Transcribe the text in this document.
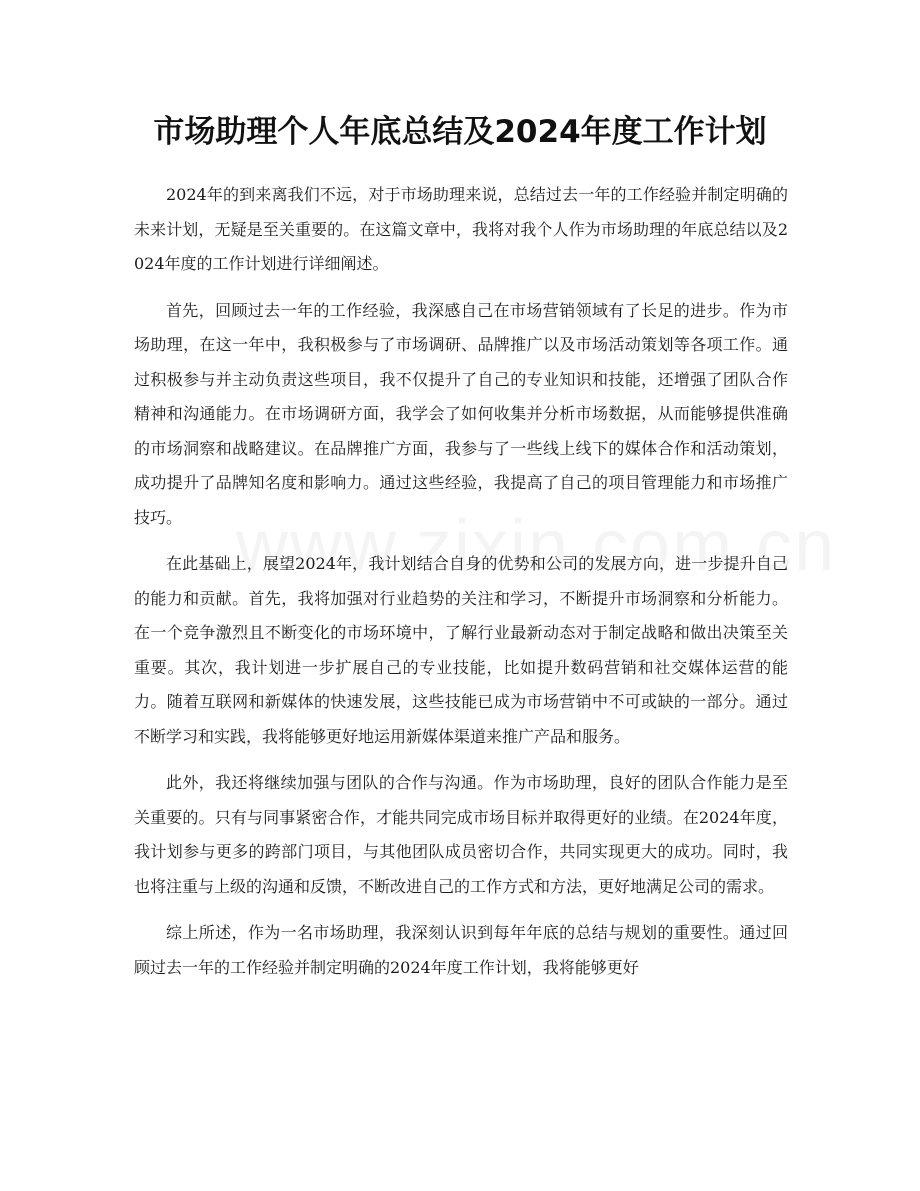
市场助理个人年底总结及2024年度工作计划

2024年的到来离我们不远，对于市场助理来说，总结过去一年的工作经验并制定明确的未来计划，无疑是至关重要的。在这篇文章中，我将对我个人作为市场助理的年底总结以及2024年度的工作计划进行详细阐述。

首先，回顾过去一年的工作经验，我深感自己在市场营销领域有了长足的进步。作为市场助理，在这一年中，我积极参与了市场调研、品牌推广以及市场活动策划等各项工作。通过积极参与并主动负责这些项目，我不仅提升了自己的专业知识和技能，还增强了团队合作精神和沟通能力。在市场调研方面，我学会了如何收集并分析市场数据，从而能够提供准确的市场洞察和战略建议。在品牌推广方面，我参与了一些线上线下的媒体合作和活动策划，成功提升了品牌知名度和影响力。通过这些经验，我提高了自己的项目管理能力和市场推广技巧。

在此基础上，展望2024年，我计划结合自身的优势和公司的发展方向，进一步提升自己的能力和贡献。首先，我将加强对行业趋势的关注和学习，不断提升市场洞察和分析能力。在一个竞争激烈且不断变化的市场环境中，了解行业最新动态对于制定战略和做出决策至关重要。其次，我计划进一步扩展自己的专业技能，比如提升数码营销和社交媒体运营的能力。随着互联网和新媒体的快速发展，这些技能已成为市场营销中不可或缺的一部分。通过不断学习和实践，我将能够更好地运用新媒体渠道来推广产品和服务。

此外，我还将继续加强与团队的合作与沟通。作为市场助理，良好的团队合作能力是至关重要的。只有与同事紧密合作，才能共同完成市场目标并取得更好的业绩。在2024年度，我计划参与更多的跨部门项目，与其他团队成员密切合作，共同实现更大的成功。同时，我也将注重与上级的沟通和反馈，不断改进自己的工作方式和方法，更好地满足公司的需求。

综上所述，作为一名市场助理，我深刻认识到每年年底的总结与规划的重要性。通过回顾过去一年的工作经验并制定明确的2024年度工作计划，我将能够更好
